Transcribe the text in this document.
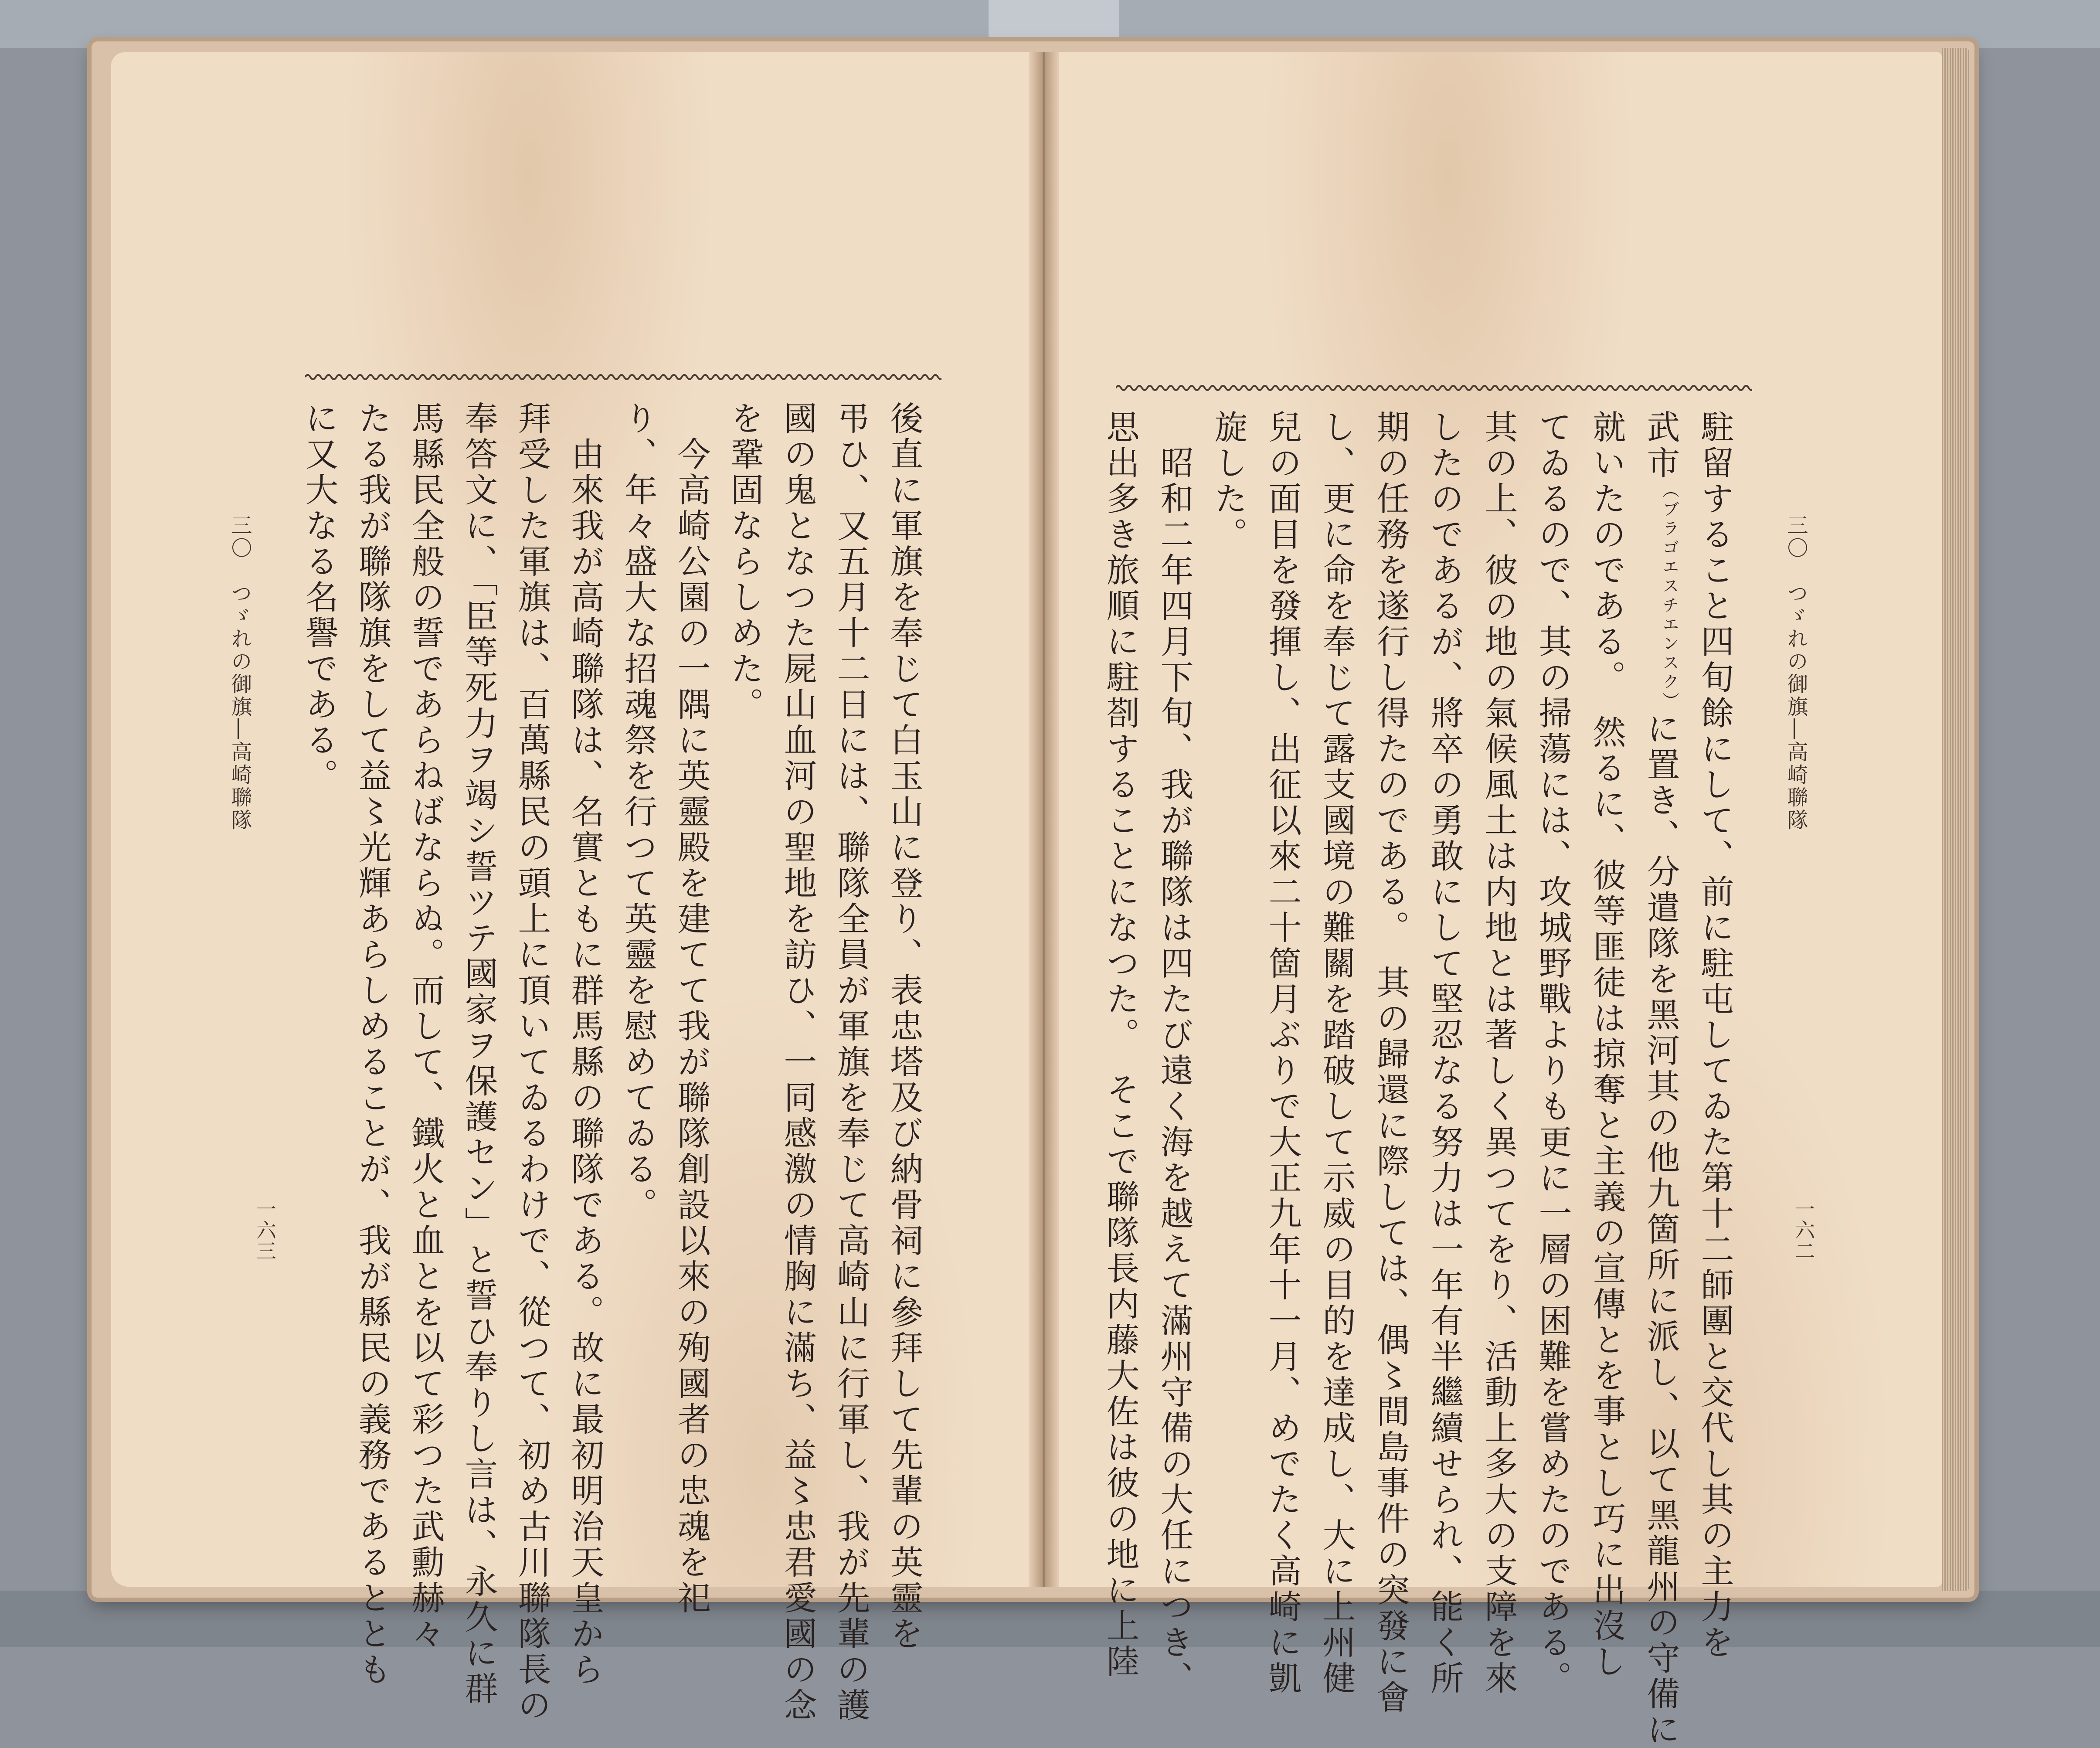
三〇　つゞれの御旗―高崎聯隊
一六三	後直に軍旗を奉じて白玉山に登り、表忠塔及び納骨祠に參拜して先輩の英靈を
弔ひ、又五月十二日には、聯隊全員が軍旗を奉じて高崎山に行軍し、我が先輩の護
國の鬼となつた屍山血河の聖地を訪ひ、一同感激の情胸に滿ち、益〻忠君愛國の念
を鞏固ならしめた。
　今高崎公園の一隅に英靈殿を建てて我が聯隊創設以來の殉國者の忠魂を祀
り、年々盛大な招魂祭を行つて英靈を慰めてゐる。
　由來我が高崎聯隊は、名實ともに群馬縣の聯隊である。故に最初明治天皇から
拜受した軍旗は、百萬縣民の頭上に頂いてゐるわけで、從つて、初め古川聯隊長の
奉答文に、「臣等死力ヲ竭シ誓ツテ國家ヲ保護セン」と誓ひ奉りし言は、永久に群
馬縣民全般の誓であらねばならぬ。而して、鐵火と血とを以て彩つた武勳赫々
たる我が聯隊旗をして益〻光輝あらしめることが、我が縣民の義務であるととも
に又大なる名譽である。	三〇　つゞれの御旗―高崎聯隊
一六二
駐留すること四旬餘にして、前に駐屯してゐた第十二師團と交代し其の主力を
武市（ブラゴエスチエンスク）に置き、分遣隊を黑河其の他九箇所に派し、以て黑龍州の守備に
就いたのである。　然るに、彼等匪徒は掠奪と主義の宣傳とを事とし巧に出沒し
てゐるので、其の掃蕩には、攻城野戰よりも更に一層の困難を嘗めたのである。
其の上、彼の地の氣候風土は内地とは著しく異つてをり、活動上多大の支障を來
したのであるが、將卒の勇敢にして堅忍なる努力は一年有半繼續せられ、能く所
期の任務を遂行し得たのである。　其の歸還に際しては、偶〻間島事件の突發に會
し、更に命を奉じて露支國境の難關を踏破して示威の目的を達成し、大に上州健
兒の面目を發揮し、出征以來二十箇月ぶりで大正九年十一月、めでたく高崎に凱
旋した。
　昭和二年四月下旬、我が聯隊は四たび遠く海を越えて滿州守備の大任につき、
思出多き旅順に駐剳することになつた。　そこで聯隊長内藤大佐は彼の地に上陸
